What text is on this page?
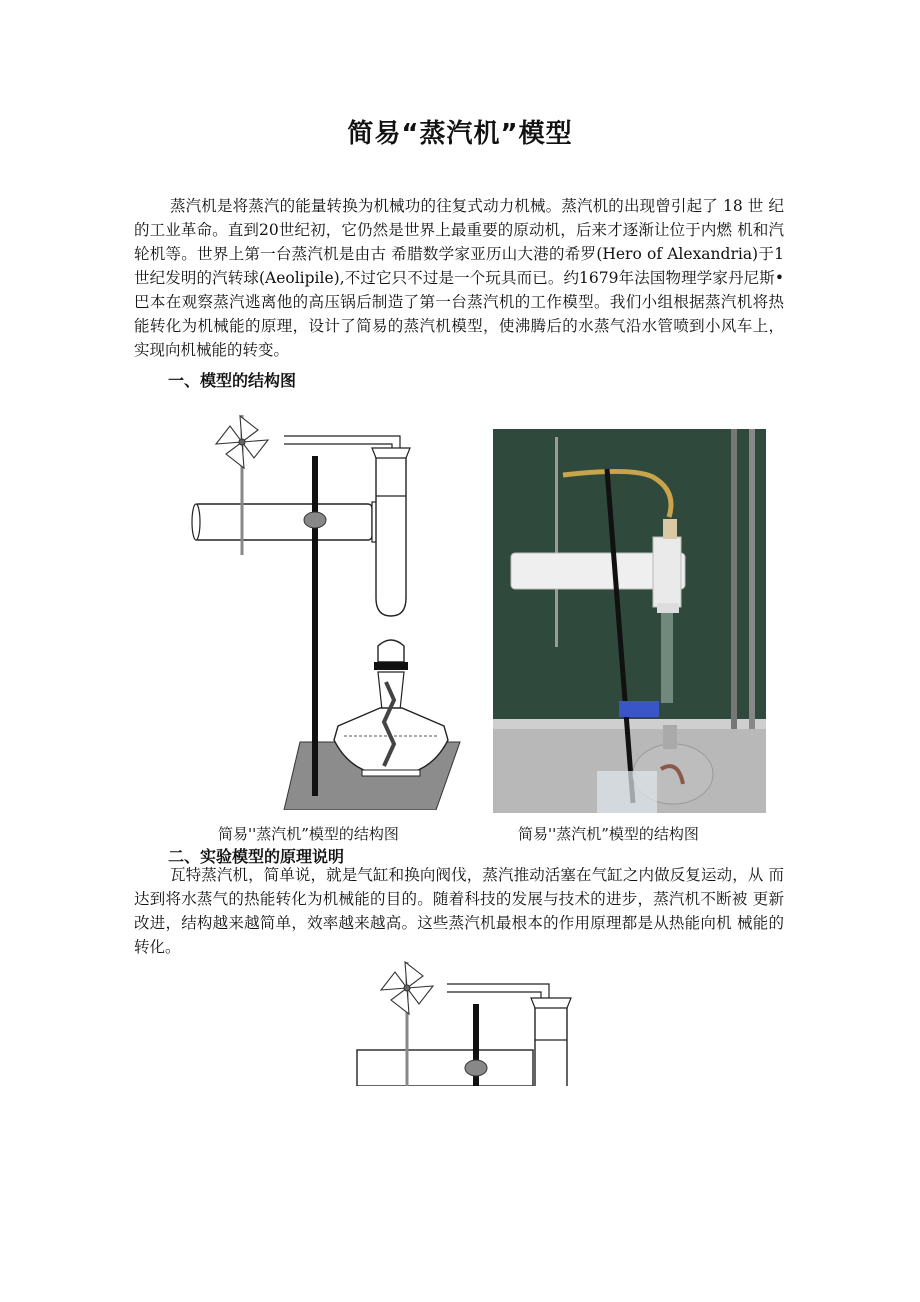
简易“蒸汽机”模型

蒸汽机是将蒸汽的能量转换为机械功的往复式动力机械。蒸汽机的出现曾引起了 18 世 纪的工业革命。直到20世纪初，它仍然是世界上最重要的原动机，后来才逐渐让位于内燃 机和汽轮机等。世界上第一台蒸汽机是由古 希腊数学家亚历山大港的希罗(Hero of Alexandria)于1世纪发明的汽转球(Aeolipile),不过它只不过是一个玩具而已。约1679年法国物理学家丹尼斯•巴本在观察蒸汽逃离他的高压锅后制造了第一台蒸汽机的工作模型。我们小组根据蒸汽机将热能转化为机械能的原理，设计了简易的蒸汽机模型，使沸腾后的水蒸气沿水管喷到小风车上，实现向机械能的转变。

一、模型的结构图
简易''蒸汽机”模型的结构图	简易''蒸汽机”模型的结构图
二、实验模型的原理说明

瓦特蒸汽机，简单说，就是气缸和换向阀伐，蒸汽推动活塞在气缸之内做反复运动，从 而达到将水蒸气的热能转化为机械能的目的。随着科技的发展与技术的进步，蒸汽机不断被 更新改进，结构越来越简单，效率越来越高。这些蒸汽机最根本的作用原理都是从热能向机 械能的转化。
